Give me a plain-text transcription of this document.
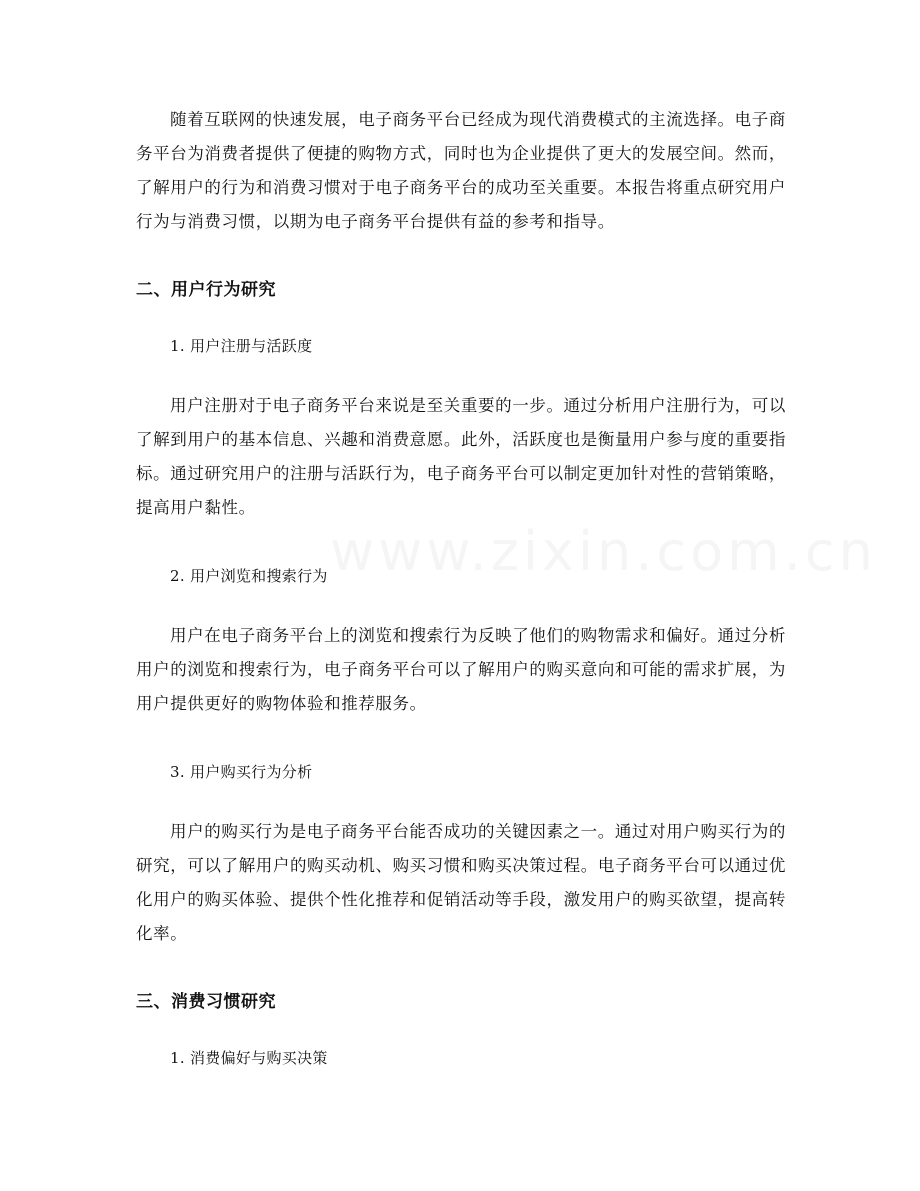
随着互联网的快速发展，电子商务平台已经成为现代消费模式的主流选择。电子商务平台为消费者提供了便捷的购物方式，同时也为企业提供了更大的发展空间。然而，了解用户的行为和消费习惯对于电子商务平台的成功至关重要。本报告将重点研究用户行为与消费习惯，以期为电子商务平台提供有益的参考和指导。

二、用户行为研究
1. 用户注册与活跃度

用户注册对于电子商务平台来说是至关重要的一步。通过分析用户注册行为，可以了解到用户的基本信息、兴趣和消费意愿。此外，活跃度也是衡量用户参与度的重要指标。通过研究用户的注册与活跃行为，电子商务平台可以制定更加针对性的营销策略，提高用户黏性。

2. 用户浏览和搜索行为

用户在电子商务平台上的浏览和搜索行为反映了他们的购物需求和偏好。通过分析用户的浏览和搜索行为，电子商务平台可以了解用户的购买意向和可能的需求扩展，为用户提供更好的购物体验和推荐服务。

3. 用户购买行为分析

用户的购买行为是电子商务平台能否成功的关键因素之一。通过对用户购买行为的研究，可以了解用户的购买动机、购买习惯和购买决策过程。电子商务平台可以通过优化用户的购买体验、提供个性化推荐和促销活动等手段，激发用户的购买欲望，提高转化率。

三、消费习惯研究
1. 消费偏好与购买决策
